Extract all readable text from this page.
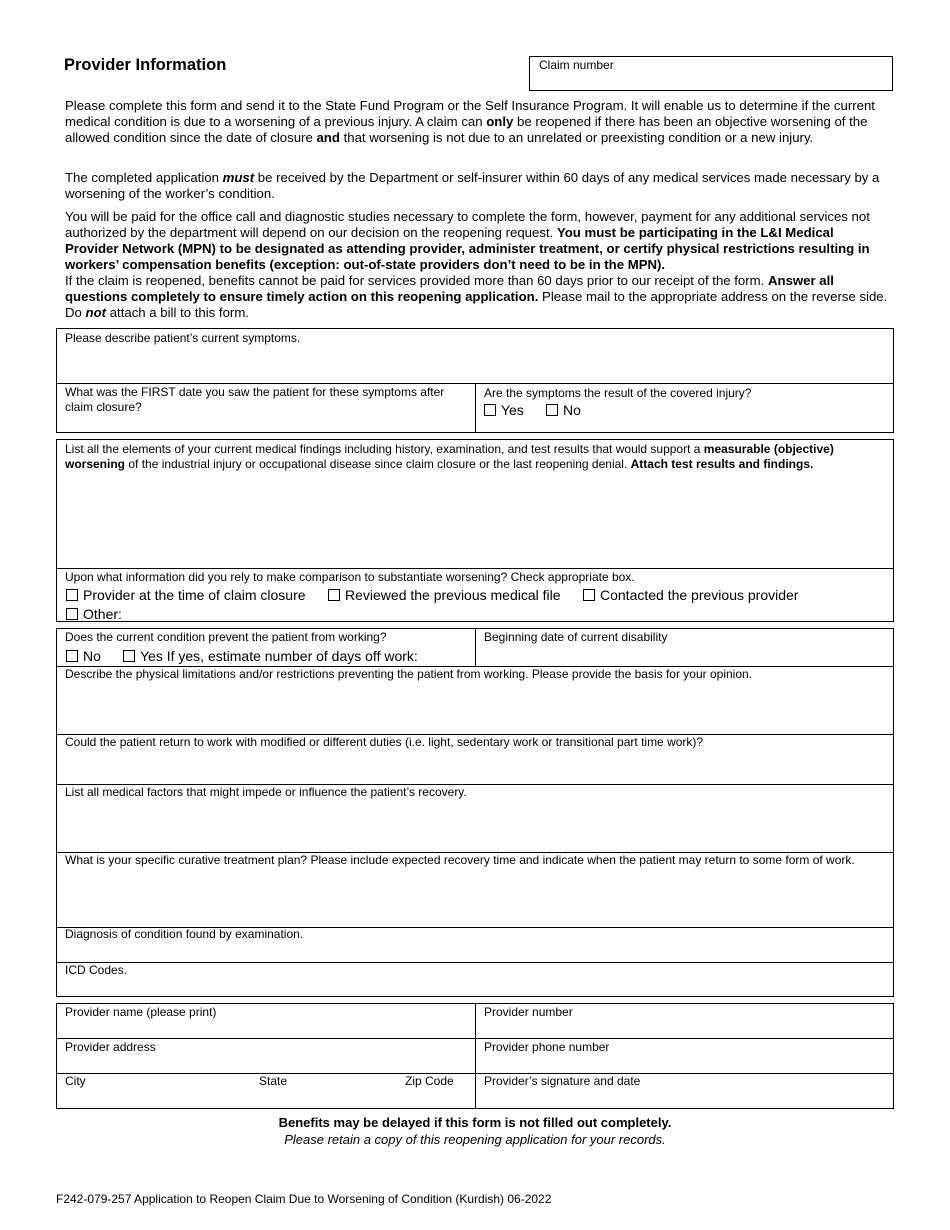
Provider Information	Claim number

Please complete this form and send it to the State Fund Program or the Self Insurance Program. It will enable us to determine if the current medical condition is due to a worsening of a previous injury. A claim can only be reopened if there has been an objective worsening of the allowed condition since the date of closure and that worsening is not due to an unrelated or preexisting condition or a new injury.

The completed application must be received by the Department or self-insurer within 60 days of any medical services made necessary by a worsening of the worker’s condition.

You will be paid for the office call and diagnostic studies necessary to complete the form, however, payment for any additional services not authorized by the department will depend on our decision on the reopening request. You must be participating in the L&I Medical Provider Network (MPN) to be designated as attending provider, administer treatment, or certify physical restrictions resulting in workers’ compensation benefits (exception: out-of-state providers don’t need to be in the MPN).

If the claim is reopened, benefits cannot be paid for services provided more than 60 days prior to our receipt of the form. Answer all questions completely to ensure timely action on this reopening application. Please mail to the appropriate address on the reverse side. Do not attach a bill to this form.

Please describe patient’s current symptoms.
What was the FIRST date you saw the patient for these symptoms after claim closure?
Are the symptoms the result of the covered injury?
Yes	No
List all the elements of your current medical findings including history, examination, and test results that would support a measurable (objective) worsening of the industrial injury or occupational disease since claim closure or the last reopening denial. Attach test results and findings.
Upon what information did you rely to make comparison to substantiate worsening? Check appropriate box.
Provider at the time of claim closure	Reviewed the previous medical file	Contacted the previous provider
Other:
Does the current condition prevent the patient from working?
No	Yes If yes, estimate number of days off work:
Beginning date of current disability
Describe the physical limitations and/or restrictions preventing the patient from working. Please provide the basis for your opinion.
Could the patient return to work with modified or different duties (i.e. light, sedentary work or transitional part time work)?
List all medical factors that might impede or influence the patient’s recovery.
What is your specific curative treatment plan? Please include expected recovery time and indicate when the patient may return to some form of work.
Diagnosis of condition found by examination.
ICD Codes.
Provider name (please print)	Provider number
Provider address	Provider phone number
City	State	Zip Code	Provider’s signature and date
Benefits may be delayed if this form is not filled out completely.
Please retain a copy of this reopening application for your records.
F242-079-257 Application to Reopen Claim Due to Worsening of Condition (Kurdish) 06-2022
